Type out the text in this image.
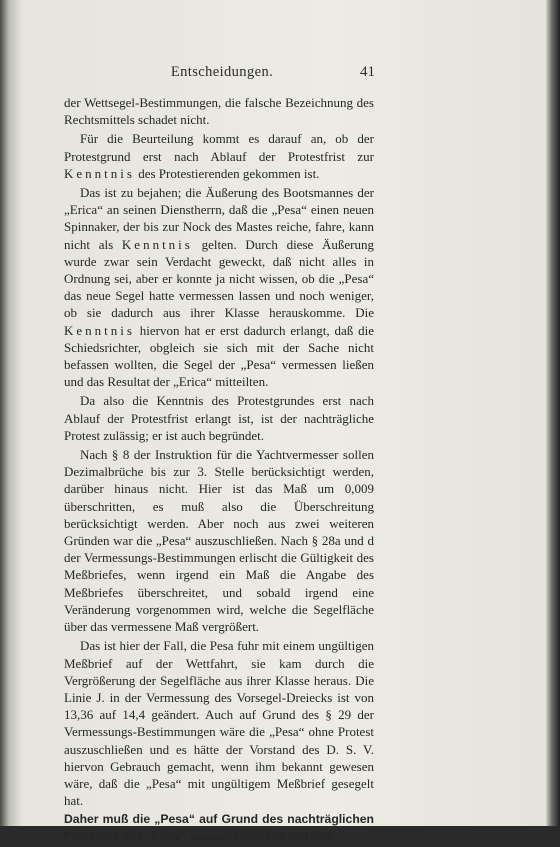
Entscheidungen.	41

der Wettsegel-Bestimmungen, die falsche Bezeichnung des Rechtsmittels schadet nicht.

Für die Beurteilung kommt es darauf an, ob der Protestgrund erst nach Ablauf der Protestfrist zur Kenntnis des Protestierenden gekommen ist.

Das ist zu bejahen; die Äußerung des Bootsmannes der „Erica“ an seinen Dienstherrn, daß die „Pesa“ einen neuen Spinnaker, der bis zur Nock des Mastes reiche, fahre, kann nicht als Kenntnis gelten. Durch diese Äußerung wurde zwar sein Verdacht geweckt, daß nicht alles in Ordnung sei, aber er konnte ja nicht wissen, ob die „Pesa“ das neue Segel hatte vermessen lassen und noch weniger, ob sie dadurch aus ihrer Klasse herauskomme. Die Kenntnis hiervon hat er erst dadurch erlangt, daß die Schiedsrichter, obgleich sie sich mit der Sache nicht befassen wollten, die Segel der „Pesa“ vermessen ließen und das Resultat der „Erica“ mitteilten.

Da also die Kenntnis des Protestgrundes erst nach Ablauf der Protestfrist erlangt ist, ist der nachträgliche Protest zulässig; er ist auch begründet.

Nach § 8 der Instruktion für die Yachtvermesser sollen Dezimalbrüche bis zur 3. Stelle berücksichtigt werden, darüber hinaus nicht. Hier ist das Maß um 0,009 überschritten, es muß also die Überschreitung berücksichtigt werden. Aber noch aus zwei weiteren Gründen war die „Pesa“ auszuschließen. Nach § 28a und d der Vermessungs-Bestimmungen erlischt die Gültigkeit des Meßbriefes, wenn irgend ein Maß die Angabe des Meßbriefes überschreitet, und sobald irgend eine Veränderung vorgenommen wird, welche die Segelfläche über das vermessene Maß vergrößert.

Das ist hier der Fall, die Pesa fuhr mit einem ungültigen Meßbrief auf der Wettfahrt, sie kam durch die Vergrößerung der Segelfläche aus ihrer Klasse heraus. Die Linie J. in der Vermessung des Vorsegel-Dreiecks ist von 13,36 auf 14,4 geändert. Auch auf Grund des § 29 der Vermessungs-Bestimmungen wäre die „Pesa“ ohne Protest auszuschließen und es hätte der Vorstand des D. S. V. hiervon Gebrauch gemacht, wenn ihm bekannt gewesen wäre, daß die „Pesa“ mit ungültigem Meßbrief gesegelt hat.

Daher muß die „Pesa“ auf Grund des nachträglichen Protestes der „Erica“ ausgeschlossen werden.
